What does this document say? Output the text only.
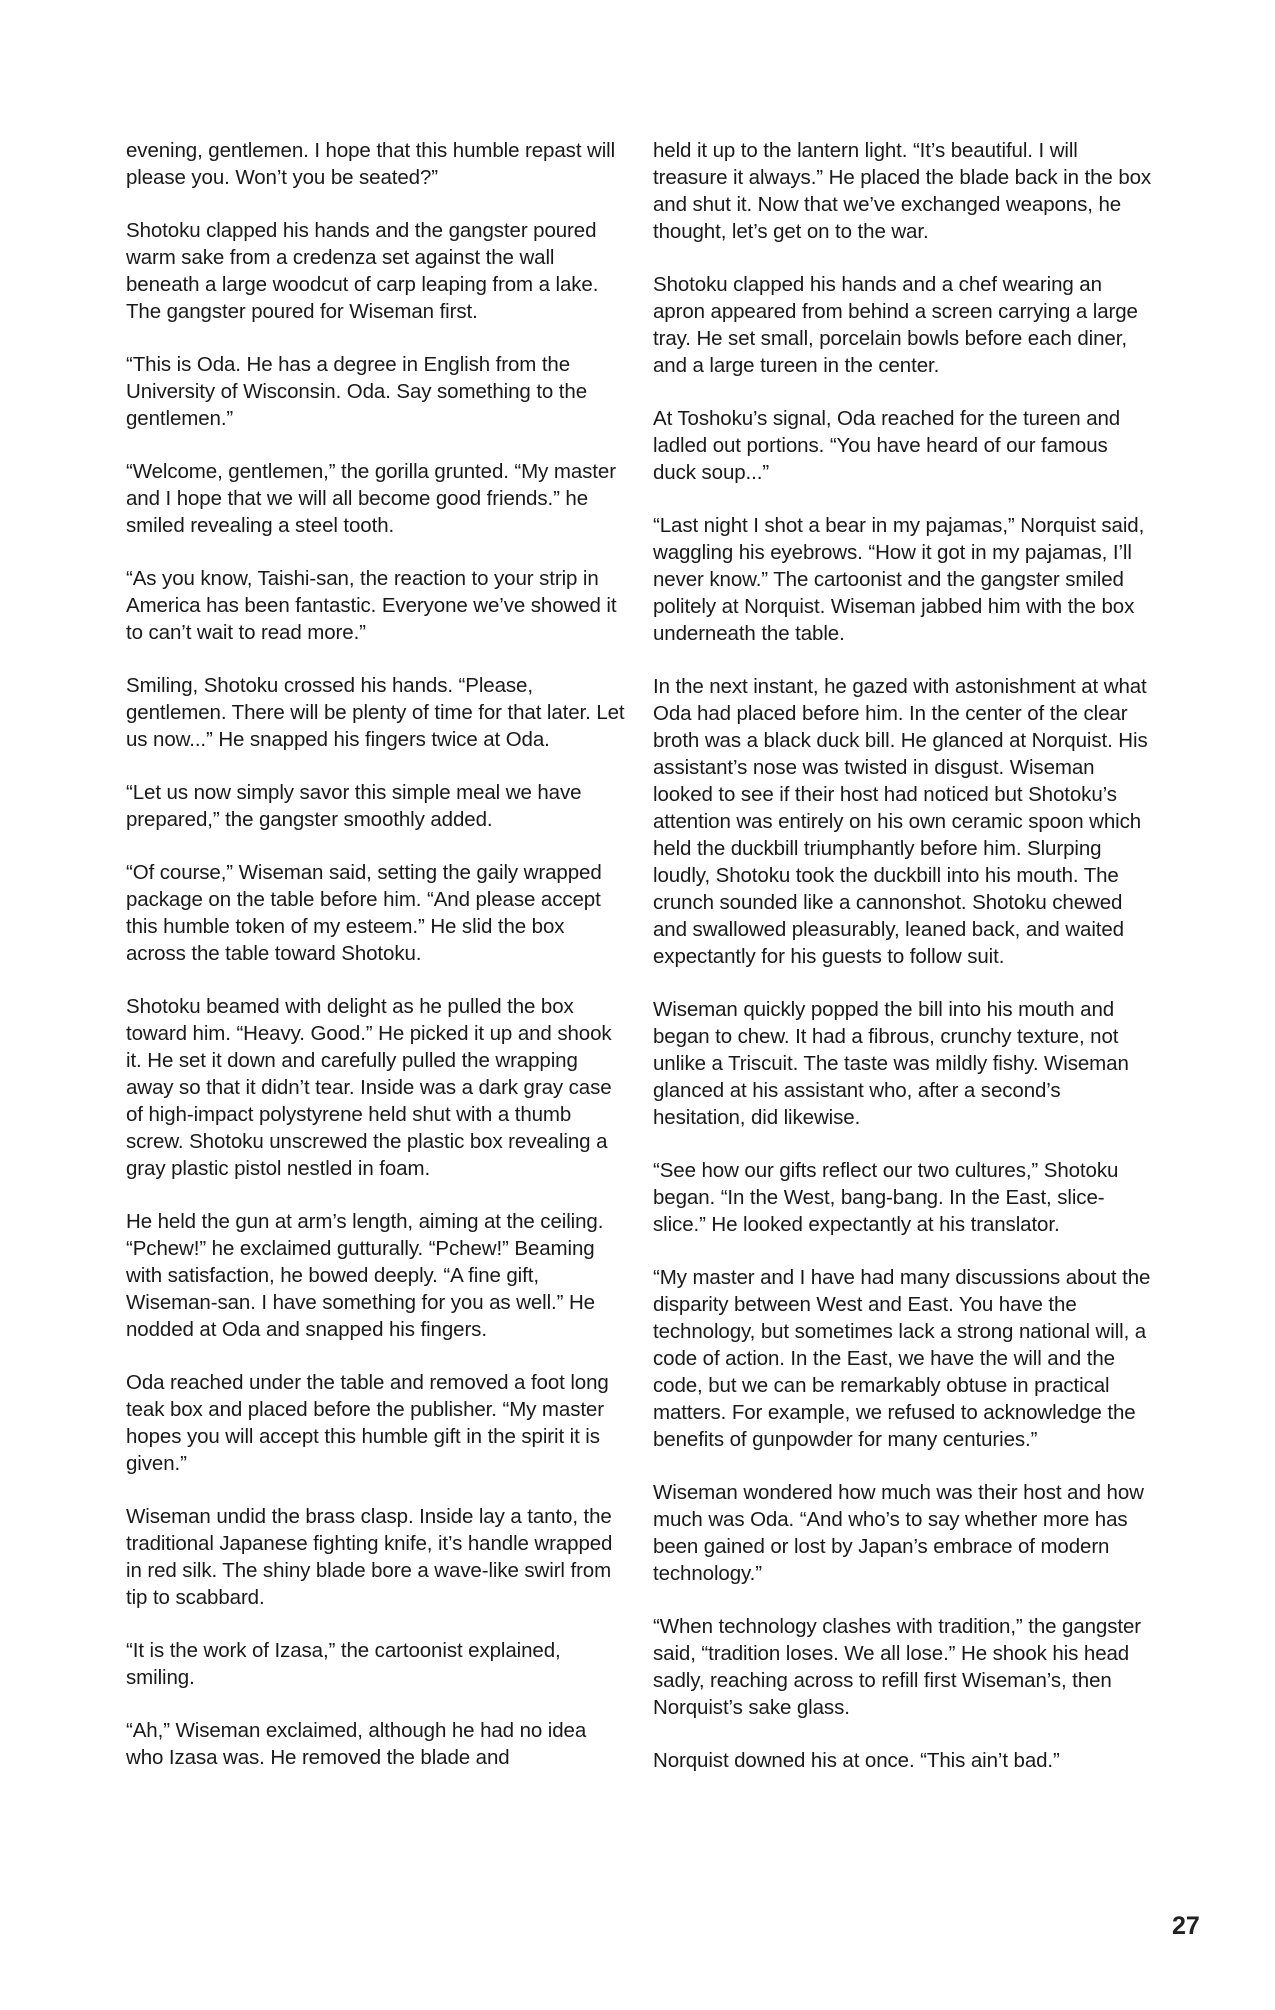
evening, gentlemen. I hope that this humble repast will please you. Won’t you be seated?”

Shotoku clapped his hands and the gangster poured warm sake from a credenza set against the wall beneath a large woodcut of carp leaping from a lake. The gangster poured for Wiseman first.

“This is Oda. He has a degree in English from the University of Wisconsin. Oda. Say something to the gentlemen.”

“Welcome, gentlemen,” the gorilla grunted. “My master and I hope that we will all become good friends.” he smiled revealing a steel tooth.

“As you know, Taishi-san, the reaction to your strip in America has been fantastic. Everyone we’ve showed it to can’t wait to read more.”

Smiling, Shotoku crossed his hands. “Please, gentlemen. There will be plenty of time for that later. Let us now...” He snapped his fingers twice at Oda.

“Let us now simply savor this simple meal we have prepared,” the gangster smoothly added.

“Of course,” Wiseman said, setting the gaily wrapped package on the table before him. “And please accept this humble token of my esteem.” He slid the box across the table toward Shotoku.

Shotoku beamed with delight as he pulled the box toward him. “Heavy. Good.” He picked it up and shook it. He set it down and carefully pulled the wrapping away so that it didn’t tear. Inside was a dark gray case of high-impact polystyrene held shut with a thumb screw. Shotoku unscrewed the plastic box revealing a gray plastic pistol nestled in foam.

He held the gun at arm’s length, aiming at the ceiling. “Pchew!” he exclaimed gutturally. “Pchew!” Beaming with satisfaction, he bowed deeply. “A fine gift, Wiseman-san. I have something for you as well.” He nodded at Oda and snapped his fingers.

Oda reached under the table and removed a foot long teak box and placed before the publisher. “My master hopes you will accept this humble gift in the spirit it is given.”

Wiseman undid the brass clasp. Inside lay a tanto, the traditional Japanese fighting knife, it’s handle wrapped in red silk. The shiny blade bore a wave-like swirl from tip to scabbard.

“It is the work of Izasa,” the cartoonist explained, smiling.

“Ah,” Wiseman exclaimed, although he had no idea who Izasa was. He removed the blade and

held it up to the lantern light. “It’s beautiful. I will treasure it always.” He placed the blade back in the box and shut it. Now that we’ve exchanged weapons, he thought, let’s get on to the war.

Shotoku clapped his hands and a chef wearing an apron appeared from behind a screen carrying a large tray. He set small, porcelain bowls before each diner, and a large tureen in the center.

At Toshoku’s signal, Oda reached for the tureen and ladled out portions. “You have heard of our famous duck soup...”

“Last night I shot a bear in my pajamas,” Norquist said, waggling his eyebrows. “How it got in my pajamas, I’ll never know.” The cartoonist and the gangster smiled politely at Norquist. Wiseman jabbed him with the box underneath the table.

In the next instant, he gazed with astonishment at what Oda had placed before him. In the center of the clear broth was a black duck bill. He glanced at Norquist. His assistant’s nose was twisted in disgust. Wiseman looked to see if their host had noticed but Shotoku’s attention was entirely on his own ceramic spoon which held the duckbill triumphantly before him. Slurping loudly, Shotoku took the duckbill into his mouth. The crunch sounded like a cannonshot. Shotoku chewed and swallowed pleasurably, leaned back, and waited expectantly for his guests to follow suit.

Wiseman quickly popped the bill into his mouth and began to chew. It had a fibrous, crunchy texture, not unlike a Triscuit. The taste was mildly fishy. Wiseman glanced at his assistant who, after a second’s hesitation, did likewise.

“See how our gifts reflect our two cultures,” Shotoku began. “In the West, bang-bang. In the East, slice-slice.” He looked expectantly at his translator.

“My master and I have had many discussions about the disparity between West and East. You have the technology, but sometimes lack a strong national will, a code of action. In the East, we have the will and the code, but we can be remarkably obtuse in practical matters. For example, we refused to acknowledge the benefits of gunpowder for many centuries.”

Wiseman wondered how much was their host and how much was Oda. “And who’s to say whether more has been gained or lost by Japan’s embrace of modern technology.”

“When technology clashes with tradition,” the gangster said, “tradition loses. We all lose.” He shook his head sadly, reaching across to refill first Wiseman’s, then Norquist’s sake glass.

Norquist downed his at once. “This ain’t bad.”

27
